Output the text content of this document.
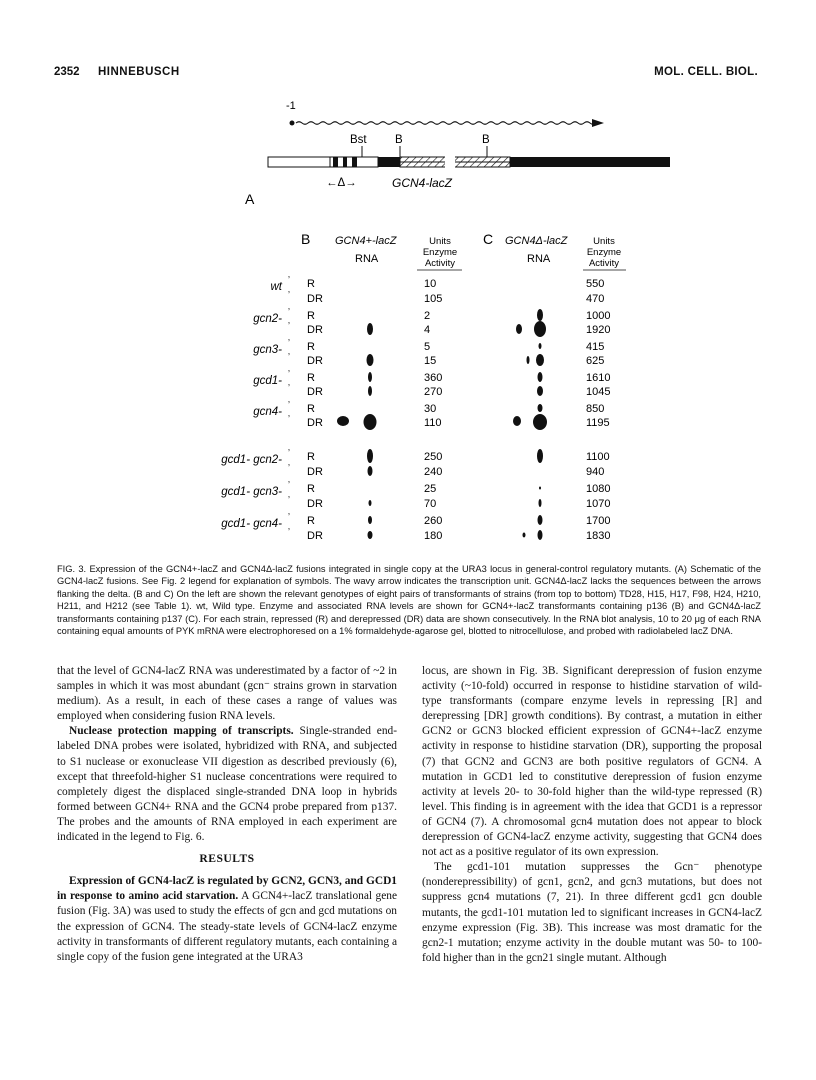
2352 HINNEBUSCH	MOL. CELL. BIOL.
-1
Bst B	B
←Δ→	GCN4-lacZ
A
B GCN4+-lacZ
RNA
C GCN4Δ-lacZ
RNA
Units
Enzyme
Activity
Units
Enzyme
Activity
wt
ʼ R	10	550
ʼ DR	105	470
gcn2-
ʼ R	2	1000
ʼ DR	4	1920
gcn3-
ʼ R	5	415
ʼ DR	15	625
gcd1-
ʼ R	360	1610
ʼ DR	270	1045
gcn4-
ʼ R	30	850
ʼ DR	110	1195
gcd1- gcn2-
ʼ R	250	1100
ʼ DR	240	940
gcd1- gcn3-
ʼ R	25	1080
ʼ DR	70	1070
gcd1- gcn4-
ʼ R	260	1700
ʼ DR	180	1830

FIG. 3. Expression of the GCN4+-lacZ and GCN4Δ-lacZ fusions integrated in single copy at the URA3 locus in general-control regulatory mutants. (A) Schematic of the GCN4-lacZ fusions. See Fig. 2 legend for explanation of symbols. The wavy arrow indicates the transcription unit. GCN4Δ-lacZ lacks the sequences between the arrows flanking the delta. (B and C) On the left are shown the relevant genotypes of eight pairs of transformants of strains (from top to bottom) TD28, H15, H17, F98, H24, H210, H211, and H212 (see Table 1). wt, Wild type. Enzyme and associated RNA levels are shown for GCN4+-lacZ transformants containing p136 (B) and GCN4Δ-lacZ transformants containing p137 (C). For each strain, repressed (R) and derepressed (DR) data are shown consecutively. In the RNA blot analysis, 10 to 20 μg of each RNA containing equal amounts of PYK mRNA were electrophoresed on a 1% formaldehyde-agarose gel, blotted to nitrocellulose, and probed with radiolabeled lacZ DNA.

that the level of GCN4-lacZ RNA was underestimated by a factor of ~2 in samples in which it was most abundant (gcn⁻ strains grown in starvation medium). As a result, in each of these cases a range of values was employed when considering fusion RNA levels.

Nuclease protection mapping of transcripts. Single-stranded end-labeled DNA probes were isolated, hybridized with RNA, and subjected to S1 nuclease or exonuclease VII digestion as described previously (6), except that threefold-higher S1 nuclease concentrations were required to completely digest the displaced single-stranded DNA loop in hybrids formed between GCN4+ RNA and the GCN4 probe prepared from p137. The probes and the amounts of RNA employed in each experiment are indicated in the legend to Fig. 6.

RESULTS

Expression of GCN4-lacZ is regulated by GCN2, GCN3, and GCD1 in response to amino acid starvation. A GCN4+-lacZ translational gene fusion (Fig. 3A) was used to study the effects of gcn and gcd mutations on the expression of GCN4. The steady-state levels of GCN4-lacZ enzyme activity in transformants of different regulatory mutants, each containing a single copy of the fusion gene integrated at the URA3

locus, are shown in Fig. 3B. Significant derepression of fusion enzyme activity (~10-fold) occurred in response to histidine starvation of wild-type transformants (compare enzyme levels in repressing [R] and derepressing [DR] growth conditions). By contrast, a mutation in either GCN2 or GCN3 blocked efficient expression of GCN4+-lacZ enzyme activity in response to histidine starvation (DR), supporting the proposal (7) that GCN2 and GCN3 are both positive regulators of GCN4. A mutation in GCD1 led to constitutive derepression of fusion enzyme activity at levels 20- to 30-fold higher than the wild-type repressed (R) level. This finding is in agreement with the idea that GCD1 is a repressor of GCN4 (7). A chromosomal gcn4 mutation does not appear to block derepression of GCN4-lacZ enzyme activity, suggesting that GCN4 does not act as a positive regulator of its own expression.

The gcd1-101 mutation suppresses the Gcn⁻ phenotype (nonderepressibility) of gcn1, gcn2, and gcn3 mutations, but does not suppress gcn4 mutations (7, 21). In three different gcd1 gcn double mutants, the gcd1-101 mutation led to significant increases in GCN4-lacZ enzyme expression (Fig. 3B). This increase was most dramatic for the gcn2-1 mutation; enzyme activity in the double mutant was 50- to 100-fold higher than in the gcn21 single mutant. Although
